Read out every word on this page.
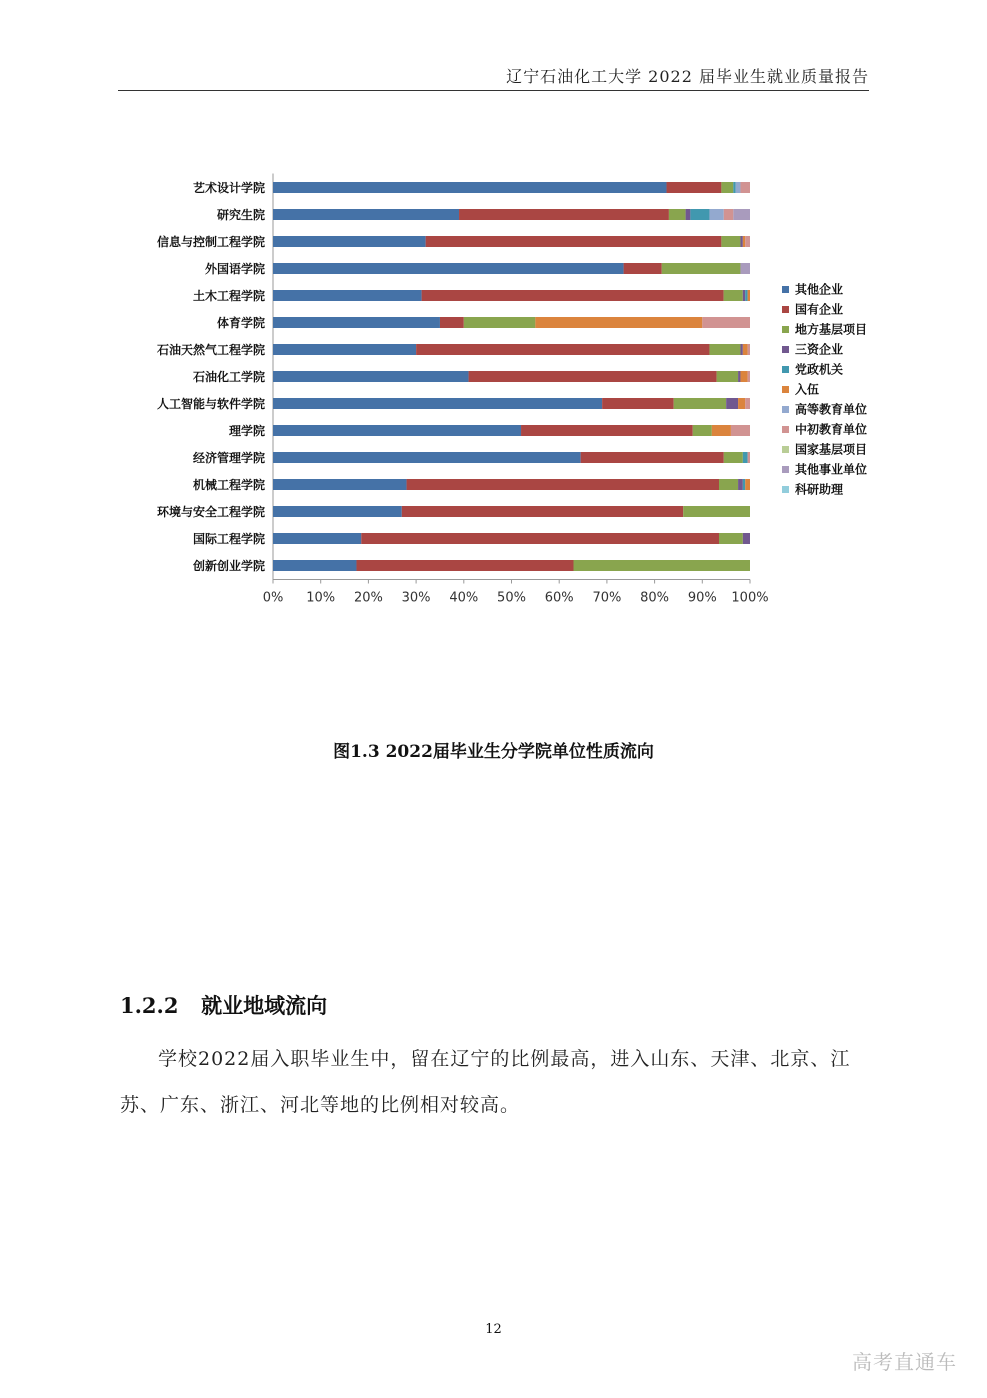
辽宁石油化工大学 2022 届毕业生就业质量报告
艺术设计学院
研究生院
信息与控制工程学院
外国语学院
土木工程学院
体育学院
石油天然气工程学院
石油化工学院
人工智能与软件学院
理学院
经济管理学院
机械工程学院
环境与安全工程学院
国际工程学院
创新创业学院
0% 10% 20% 30% 40% 50% 60% 70% 80% 90% 100%
其他企业
国有企业
地方基层项目
三资企业
党政机关
入伍
高等教育单位
中初教育单位
国家基层项目
其他事业单位
科研助理
图1.3 2022届毕业生分学院单位性质流向
1.2.2 就业地域流向
学校2022届入职毕业生中，留在辽宁的比例最高，进入山东、天津、北京、江苏、广东、浙江、河北等地的比例相对较高。
12
高考直通车
